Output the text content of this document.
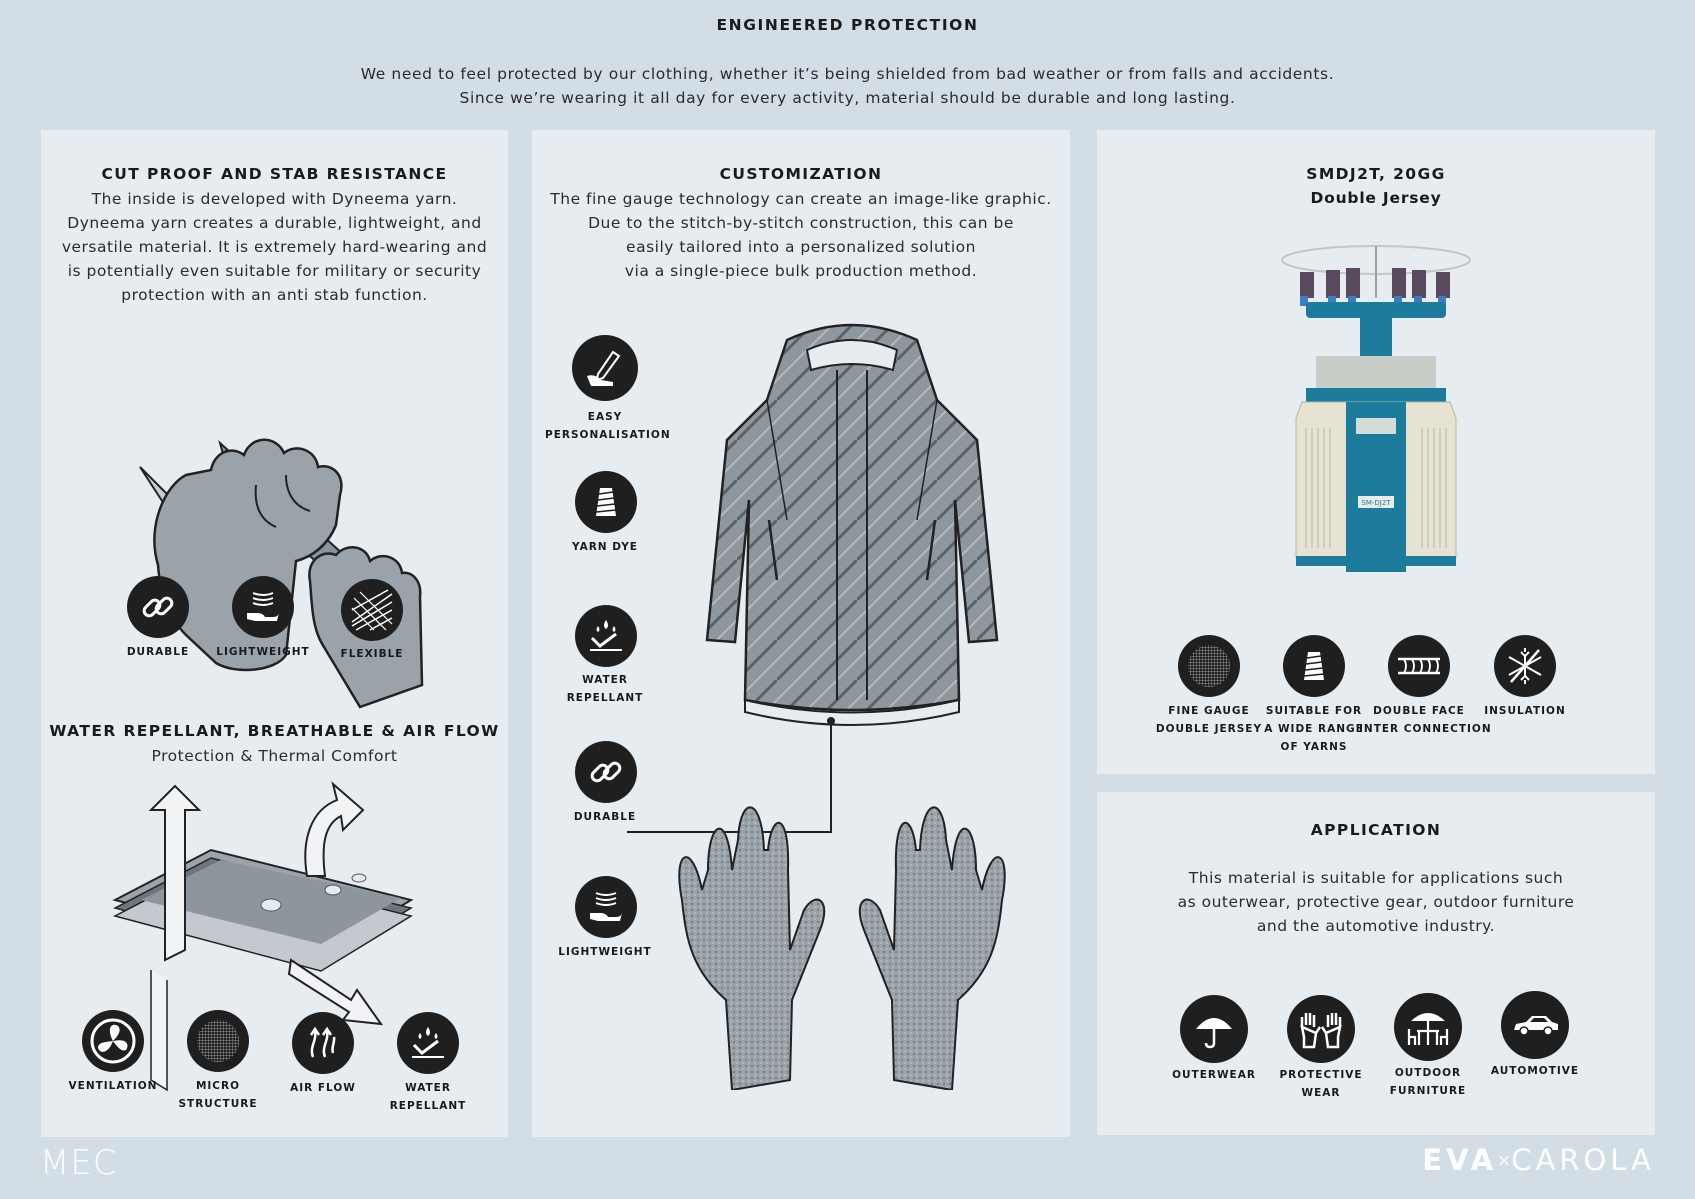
ENGINEERED PROTECTION
We need to feel protected by our clothing, whether it’s being shielded from bad weather or from falls and accidents.
Since we’re wearing it all day for every activity, material should be durable and long lasting.
CUT PROOF AND STAB RESISTANCE
The inside is developed with Dyneema yarn.
Dyneema yarn creates a durable, lightweight, and
versatile material. It is extremely hard-wearing and
is potentially even suitable for military or security
protection with an anti stab function.
DURABLE	LIGHTWEIGHT	FLEXIBLE
WATER REPELLANT, BREATHABLE & AIR FLOW
Protection & Thermal Comfort
VENTILATION	MICRO
STRUCTURE
AIR FLOW	WATER
REPELLANT
CUSTOMIZATION
The fine gauge technology can create an image-like graphic.
Due to the stitch-by-stitch construction, this can be
easily tailored into a personalized solution
via a single-piece bulk production method.
EASY
PERSONALISATION
YARN DYE
WATER
REPELLANT
DURABLE
LIGHTWEIGHT
SMDJ2T, 20GG
Double Jersey
SM-DJ2T
FINE GAUGE
DOUBLE JERSEY
SUITABLE FOR
A WIDE RANGE
OF YARNS
DOUBLE FACE
INTER CONNECTION
INSULATION
APPLICATION
This material is suitable for applications such
as outerwear, protective gear, outdoor furniture
and the automotive industry.
OUTERWEAR	PROTECTIVE
WEAR
OUTDOOR
FURNITURE
AUTOMOTIVE
MEC	EVA×CAROLA
